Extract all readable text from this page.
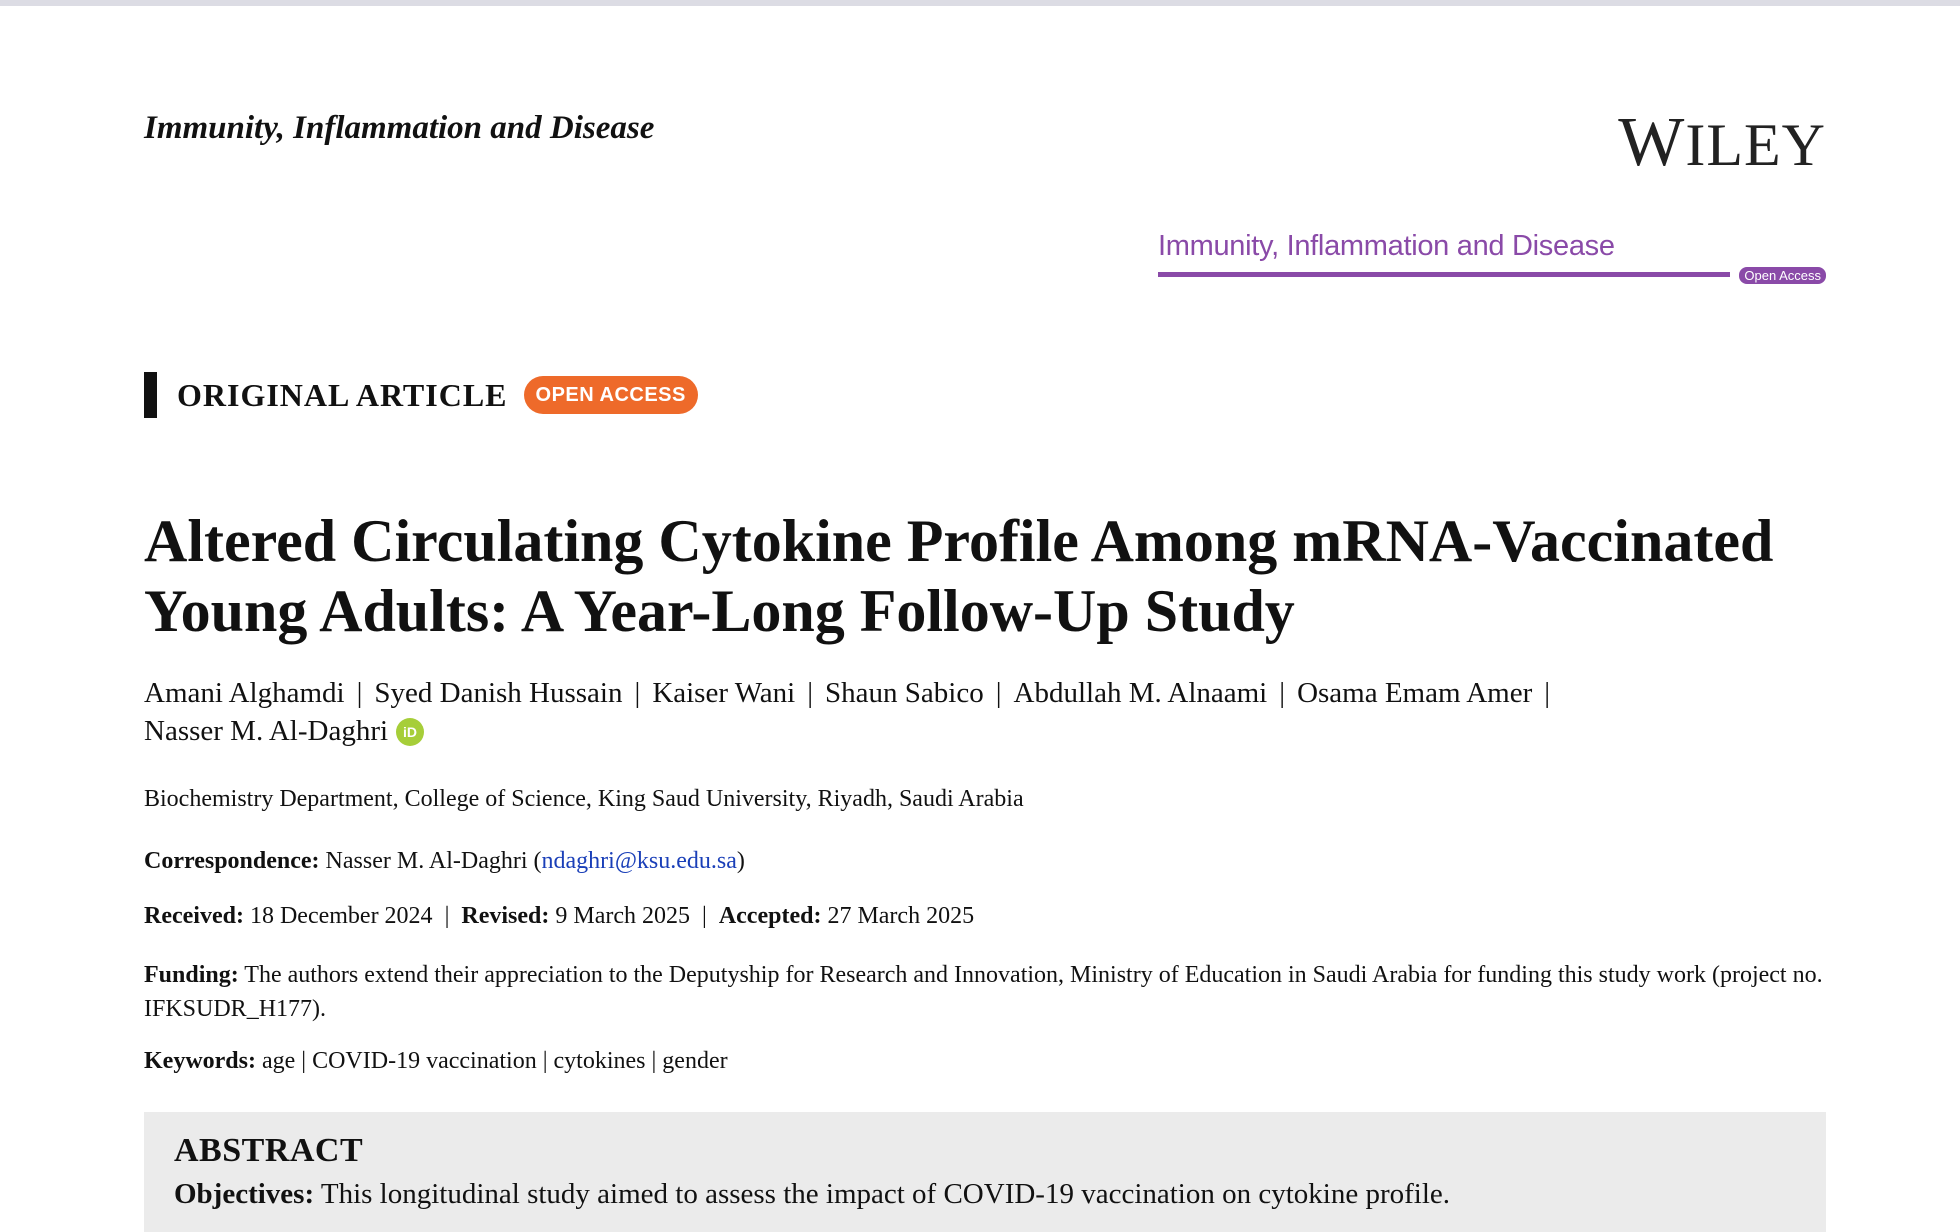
Immunity, Inflammation and Disease	WILEY
Immunity, Inflammation and Disease
Open Access
ORIGINAL ARTICLE	OPEN ACCESS
Altered Circulating Cytokine Profile Among mRNA-Vaccinated Young Adults: A Year-Long Follow-Up Study
Amani Alghamdi | Syed Danish Hussain | Kaiser Wani | Shaun Sabico | Abdullah M. Alnaami | Osama Emam Amer |
Nasser M. Al-Daghri iD
Biochemistry Department, College of Science, King Saud University, Riyadh, Saudi Arabia
Correspondence: Nasser M. Al-Daghri (ndaghri@ksu.edu.sa)
Received: 18 December 2024 | Revised: 9 March 2025 | Accepted: 27 March 2025
Funding: The authors extend their appreciation to the Deputyship for Research and Innovation, Ministry of Education in Saudi Arabia for funding this study work (project no. IFKSUDR_H177).
Keywords: age | COVID-19 vaccination | cytokines | gender
ABSTRACT
Objectives: This longitudinal study aimed to assess the impact of COVID-19 vaccination on cytokine profile.
